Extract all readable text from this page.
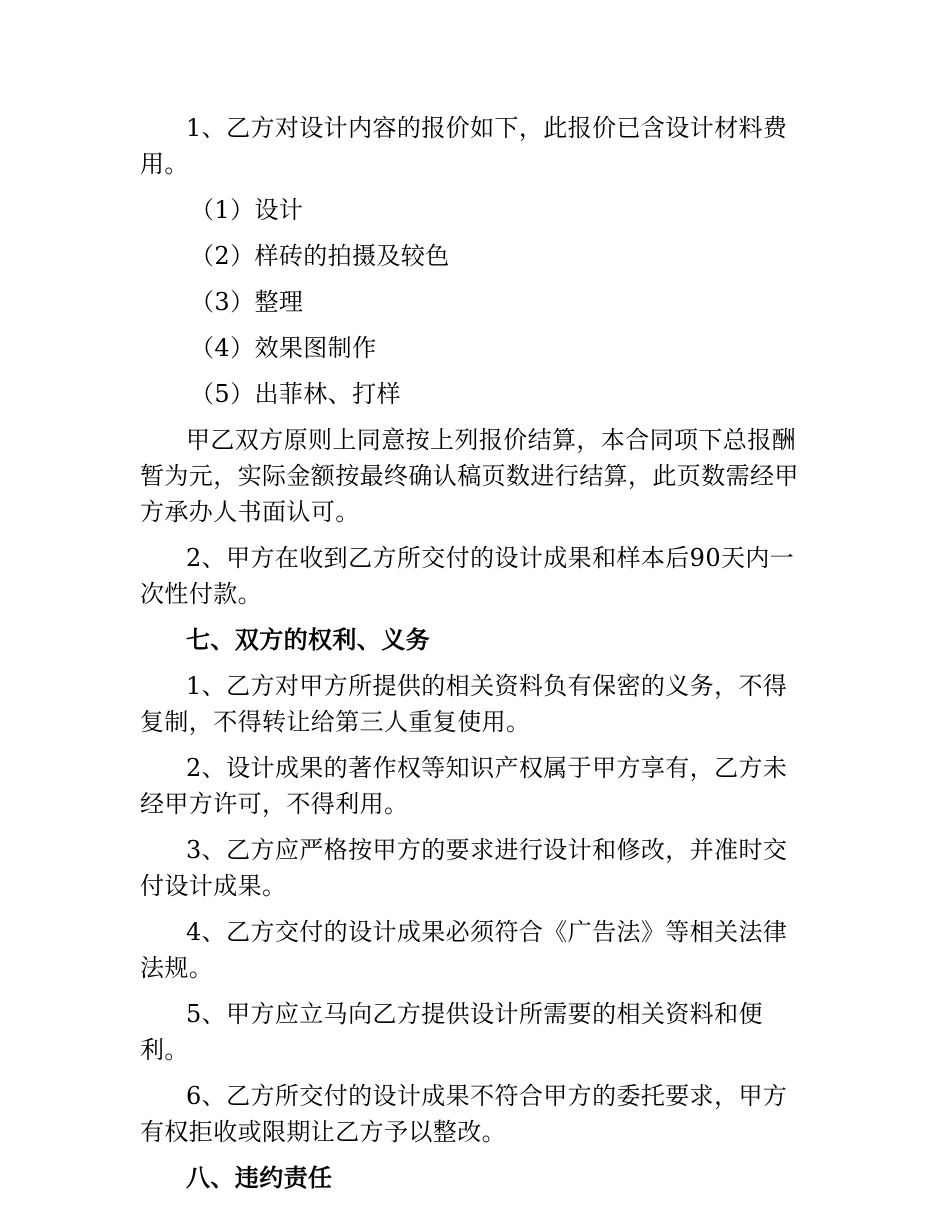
1、乙方对设计内容的报价如下，此报价已含设计材料费用。

（1）设计

（2）样砖的拍摄及较色

（3）整理

（4）效果图制作

（5）出菲林、打样

甲乙双方原则上同意按上列报价结算，本合同项下总报酬暂为元，实际金额按最终确认稿页数进行结算，此页数需经甲方承办人书面认可。

2、甲方在收到乙方所交付的设计成果和样本后90天内一次性付款。

七、双方的权利、义务

1、乙方对甲方所提供的相关资料负有保密的义务，不得复制，不得转让给第三人重复使用。

2、设计成果的著作权等知识产权属于甲方享有，乙方未经甲方许可，不得利用。

3、乙方应严格按甲方的要求进行设计和修改，并准时交付设计成果。

4、乙方交付的设计成果必须符合《广告法》等相关法律法规。

5、甲方应立马向乙方提供设计所需要的相关资料和便利。

6、乙方所交付的设计成果不符合甲方的委托要求，甲方有权拒收或限期让乙方予以整改。

八、违约责任
